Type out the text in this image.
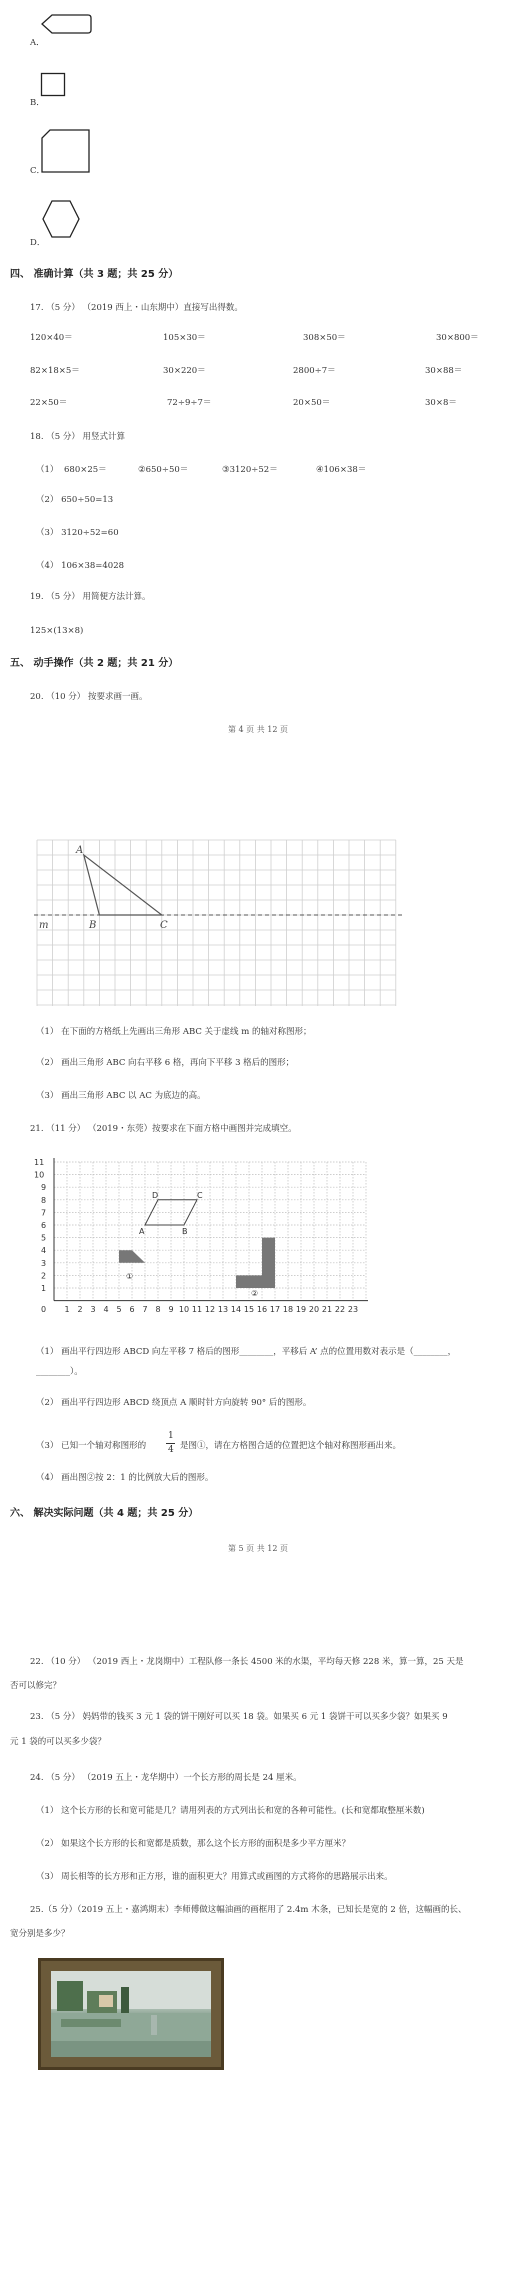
A．
B．
C．
D．
四、 准确计算（共 3 题；共 25 分）
17. （5 分） （2019 西上・山东期中）直接写出得数。
120×40＝	105×30＝	308×50＝	30×800＝
82×18×5＝	30×220＝	2800÷7＝	30×88＝
22×50＝	72÷9÷7＝	20×50＝	30×8＝
18. （5 分） 用竖式计算
（1） 680×25＝	②650÷50＝	③3120÷52＝	④106×38＝
（2） 650÷50=13
（3） 3120÷52=60
（4） 106×38=4028
19. （5 分） 用简便方法计算。
125×(13×8)
五、 动手操作（共 2 题；共 21 分）
20. （10 分） 按要求画一画。
第 4 页 共 12 页
A
B	C
m
（1） 在下面的方格纸上先画出三角形 ABC 关于虚线 m 的轴对称图形；
（2） 画出三角形 ABC 向右平移 6 格，再向下平移 3 格后的图形；
（3） 画出三角形 ABC 以 AC 为底边的高。
21. （11 分） （2019・东莞）按要求在下面方格中画图并完成填空。
11
10
9
8
7
6
5
4
3
2
1
0 1 2 3 4 5 6 7 8 9 10 11 12 13 14 15 16 17 18 19 20 21 22 23
A	B
C
D
①
②
（1） 画出平行四边形 ABCD 向左平移 7 格后的图形________，平移后 A’ 点的位置用数对表示是（________，
________）。
（2） 画出平行四边形 ABCD 绕顶点 A 顺时针方向旋转 90° 后的图形。
（3） 已知一个轴对称图形的
1
4 是图①，请在方格图合适的位置把这个轴对称图形画出来。
（4） 画出图②按 2：1 的比例放大后的图形。
六、 解决实际问题（共 4 题；共 25 分）
第 5 页 共 12 页
22. （10 分） （2019 西上・龙岗期中）工程队修一条长 4500 米的水渠，平均每天修 228 米，算一算，25 天是
否可以修完？
23. （5 分） 妈妈带的钱买 3 元 1 袋的饼干刚好可以买 18 袋。如果买 6 元 1 袋饼干可以买多少袋？如果买 9
元 1 袋的可以买多少袋？
24. （5 分） （2019 五上・龙华期中）一个长方形的周长是 24 厘米。
（1） 这个长方形的长和宽可能是几？请用列表的方式列出长和宽的各种可能性。(长和宽都取整厘米数)
（2） 如果这个长方形的长和宽都是质数，那么这个长方形的面积是多少平方厘米？
（3） 周长相等的长方形和正方形，谁的面积更大？用算式或画图的方式将你的思路展示出来。
25.（5 分）（2019 五上・嘉鸿期末）李师傅做这幅油画的画框用了 2.4m 木条，已知长是宽的 2 倍，这幅画的长、
宽分别是多少？
